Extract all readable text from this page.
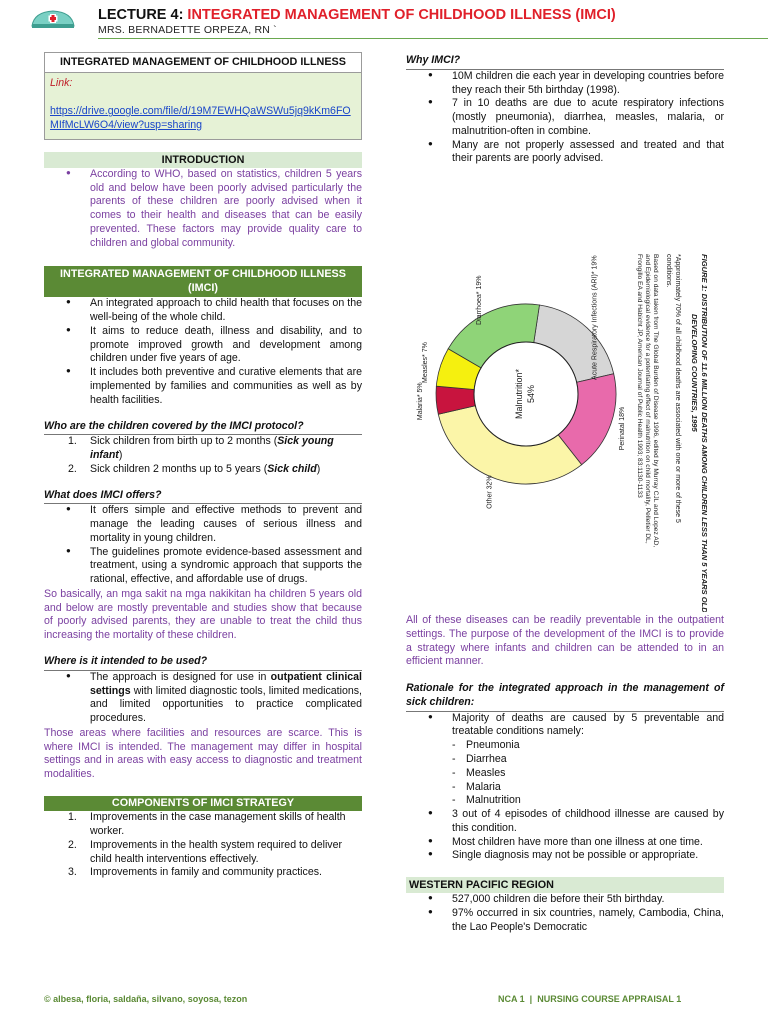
LECTURE 4: INTEGRATED MANAGEMENT OF CHILDHOOD ILLNESS (IMCI)
MRS. BERNADETTE ORPEZA, RN `
INTEGRATED MANAGEMENT OF CHILDHOOD ILLNESS
Link:
https://drive.google.com/file/d/19M7EWHQaWSWu5jq9kKm6FOMIfMcLW6O4/view?usp=sharing
INTRODUCTION
● According to WHO, based on statistics, children 5 years old and below have been poorly advised particularly the parents of these children are poorly advised when it comes to their health and diseases that can be easily prevented. These factors may provide quality care to children and global community.
INTEGRATED MANAGEMENT OF CHILDHOOD ILLNESS (IMCI)
● An integrated approach to child health that focuses on the well-being of the whole child.
● It aims to reduce death, illness and disability, and to promote improved growth and development among children under five years of age.
● It includes both preventive and curative elements that are implemented by families and communities as well as by health facilities.
Who are the children covered by the IMCI protocol?
1. Sick children from birth up to 2 months (Sick young infant)
2. Sick children 2 months up to 5 years (Sick child)
What does IMCI offers?
● It offers simple and effective methods to prevent and manage the leading causes of serious illness and mortality in young children.
● The guidelines promote evidence-based assessment and treatment, using a syndromic approach that supports the rational, effective, and affordable use of drugs.

So basically, an mga sakit na mga nakikitan ha children 5 years old and below are mostly preventable and studies show that because of poorly advised parents, they are unable to treat the child thus increasing the mortality of these children.

Where is it intended to be used?
● The approach is designed for use in outpatient clinical settings with limited diagnostic tools, limited medications, and limited opportunities to practice complicated procedures.

Those areas where facilities and resources are scarce. This is where IMCI is intended. The management may differ in hospital settings and in areas with easy access to diagnostic and treatment modalities.

COMPONENTS OF IMCI STRATEGY
1. Improvements in the case management skills of health worker.
2. Improvements in the health system required to deliver child health interventions effectively.
3. Improvements in family and community practices.
Why IMCI?
● 10M children die each year in developing countries before they reach their 5th birthday (1998).
● 7 in 10 deaths are due to acute respiratory infections (mostly pneumonia), diarrhea, measles, malaria, or malnutrition-often in combine.
● Many are not properly assessed and treated and that their parents are poorly advised.
Malnutrition* 54%
Acute Respiratory Infections (ARI)* 19%
Perinatal 18%
Other 32%
Malaria* 5%
Measles* 7%
Diarrhoea* 19%	FIGURE 1: DISTRIBUTION OF 11.6 MILLION DEATHS AMONG CHILDREN LESS THAN 5 YEARS OLD IN ALL
DEVELOPING COUNTRIES, 1995
*Approximately 70% of all childhood deaths are associated with one or more of these 5
conditions.
Based on data taken from The Global Burden of Disease 1996, edited by Murray CJL and Lopez AD,
and Epidemiological evidence for a potentiating effect of malnutrition on child mortality, Pelletier DL,
Frongillo EA and Habicht JP, American Journal of Public Health 1993; 83:1130-1133

All of these diseases can be readily preventable in the outpatient settings. The purpose of the development of the IMCI is to provide a strategy where infants and children can be attended to in an efficient manner.

Rationale for the integrated approach in the management of sick children:
● Majority of deaths are caused by 5 preventable and treatable conditions namely:
- Pneumonia
- Diarrhea
- Measles
- Malaria
- Malnutrition
● 3 out of 4 episodes of childhood illnesse are caused by this condition.
● Most children have more than one illness at one time.
● Single diagnosis may not be possible or appropriate.
WESTERN PACIFIC REGION
● 527,000 children die before their 5th birthday.
● 97% occurred in six countries, namely, Cambodia, China, the Lao People's Democratic
© albesa, floria, saldaña, silvano, soyosa, tezon	NCA 1  |  NURSING COURSE APPRAISAL 1
